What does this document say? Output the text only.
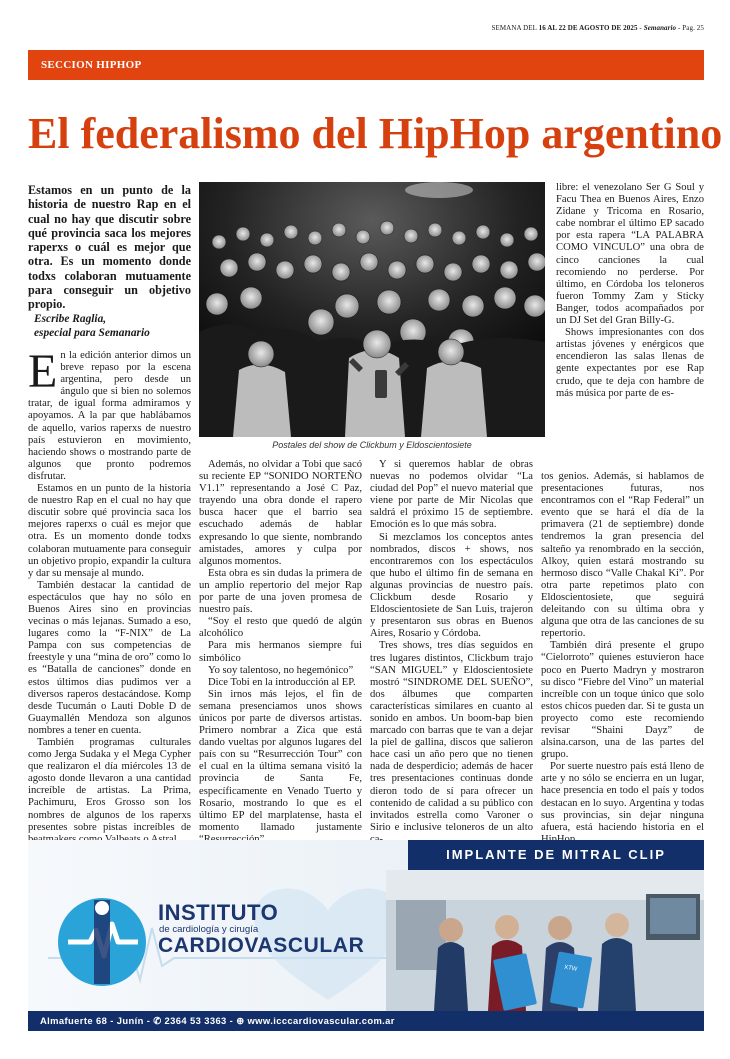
SEMANA DEL 16 AL 22 DE AGOSTO DE 2025 - Semanario - Pag. 25
SECCION HIPHOP
El federalismo del HipHop argentino
Estamos en un punto de la historia de nuestro Rap en el cual no hay que discutir sobre qué provincia saca los mejores raperxs o cuál es mejor que otra. Es un momento donde todxs colaboran mutuamente para conseguir un objetivo propio.
Escribe Raglia,
especial para Semanario

En la edición anterior dimos un breve repaso por la escena argentina, pero desde un ángulo que si bien no solemos tratar, de igual forma admiramos y apoyamos. A la par que hablábamos de aquello, varios raperxs de nuestro país estuvieron en movimiento, haciendo shows o mostrando parte de algunos que pronto podremos disfrutar.

Estamos en un punto de la historia de nuestro Rap en el cual no hay que discutir sobre qué provincia saca los mejores raperxs o cuál es mejor que otra. Es un momento donde todxs colaboran mutuamente para conseguir un objetivo propio, expandir la cultura y dar su mensaje al mundo.

También destacar la cantidad de espectáculos que hay no sólo en Buenos Aires sino en provincias vecinas o más lejanas. Sumado a eso, lugares como la “F-NIX” de La Pampa con sus competencias de freestyle y una “mina de oro” como lo es “Batalla de canciones” donde en estos últimos dias pudimos ver a diversos raperos destacándose. Komp desde Tucumán o Lauti Doble D de Guaymallén Mendoza son algunos nombres a tener en cuenta.

También programas culturales como Jerga Sudaka y el Mega Cypher que realizaron el día miércoles 13 de agosto donde llevaron a una cantidad increíble de artistas. La Prima, Pachimuru, Eros Grosso son los nombres de algunos de los raperxs presentes sobre pistas increíbles de

Postales del show de Clickbum y Eldoscientosiete

Además, no olvidar a Tobi que sacó su reciente EP “SONIDO NORTEÑO V1.1” representando a José C Paz, trayendo una obra donde el rapero busca hacer que el barrio sea escuchado además de hablar expresando lo que siente, nombrando amistades, amores y culpa por algunos momentos.

Esta obra es sin dudas la primera de un amplio repertorio del mejor Rap por parte de una joven promesa de nuestro país.

“Soy el resto que quedó de algún alcohólico

Para mis hermanos siempre fui simbólico

Yo soy talentoso, no hegemónico”

Dice Tobi en la introducción al EP.

Sin irnos más lejos, el fin de semana presenciamos unos shows únicos por parte de diversos artistas. Primero nombrar a Zica que está dando vueltas por algunos lugares del país con su “Resurrección Tour” con el cual en la última semana visitó la provincia de Santa Fe, específicamente en Venado Tuerto y Rosario, mostrando lo que es el último EP del marplatense, hasta el momento llamado justamente

Y si queremos hablar de obras nuevas no podemos olvidar “La ciudad del Pop” el nuevo material que viene por parte de Mir Nicolas que saldrá el próximo 15 de septiembre. Emoción es lo que más sobra.

Si mezclamos los conceptos antes nombrados, discos + shows, nos encontraremos con los espectáculos que hubo el último fin de semana en algunas provincias de nuestro país. Clickbum desde Rosario y Eldoscientosiete de San Luis, trajeron y presentaron sus obras en Buenos Aires, Rosario y Córdoba.

Tres shows, tres días seguidos en tres lugares distintos, Clickbum trajo “SAN MIGUEL” y Eldoscientosiete mostró “SINDROME DEL SUEÑO”, dos álbumes que comparten características similares en cuanto al sonido en ambos. Un boom-bap bien marcado con barras que te van a dejar la piel de gallina, discos que salieron hace casi un año pero que no tienen nada de desperdicio; además de hacer tres presentaciones continuas donde dieron todo de sí para ofrecer un contenido de calidad a su público con invitados estrella como Varoner o Sirio e inclusive teloneros de un alto

libre: el venezolano Ser G Soul y Facu Thea en Buenos Aires, Enzo Zidane y Tricoma en Rosario, cabe nombrar el último EP sacado por esta rapera “LA PALABRA COMO VINCULO” una obra de cinco canciones la cual recomiendo no perderse. Por último, en Córdoba los teloneros fueron Tommy Zam y Sticky Banger, todos acompañados por un DJ Set del Gran Billy-G.

Shows impresionantes con dos artistas jóvenes y enérgicos que encendieron las salas llenas de gente expectantes por ese Rap crudo, que te deja con hambre de más música por parte de es-

tos genios. Además, si hablamos de presentaciones futuras, nos encontramos con el “Rap Federal” un evento que se hará el día de la primavera (21 de septiembre) donde tendremos la gran presencia del salteño ya renombrado en la sección, Alkoy, quien estará mostrando su hermoso disco “Valle Chakal Ki”. Por otra parte repetimos plato con Eldoscientosiete, que seguirá deleitando con su última obra y alguna que otra de las canciones de su repertorio.

También dirá presente el grupo “Cielorroto” quienes estuvieron hace poco en Puerto Madryn y mostraron su disco “Fiebre del Vino” un material increíble con un toque único que solo estos chicos pueden dar. Si te gusta un proyecto como este recomiendo revisar “Shaini Dayz” de alsina.carson, una de las partes del grupo.

Por suerte nuestro país está lleno de arte y no sólo se encierra en un lugar, hace presencia en todo el país y todos destacan en lo suyo. Argentina y todas sus provincias, sin dejar ninguna afuera, está haciendo historia en el

INSTITUTO
de cardiología y cirugía
CARDIOVASCULAR
IMPLANTE DE MITRAL CLIP
XTW
Almafuerte 68 - Junín - ✆ 2364 53 3363 - ⊕ www.icccardiovascular.com.ar
